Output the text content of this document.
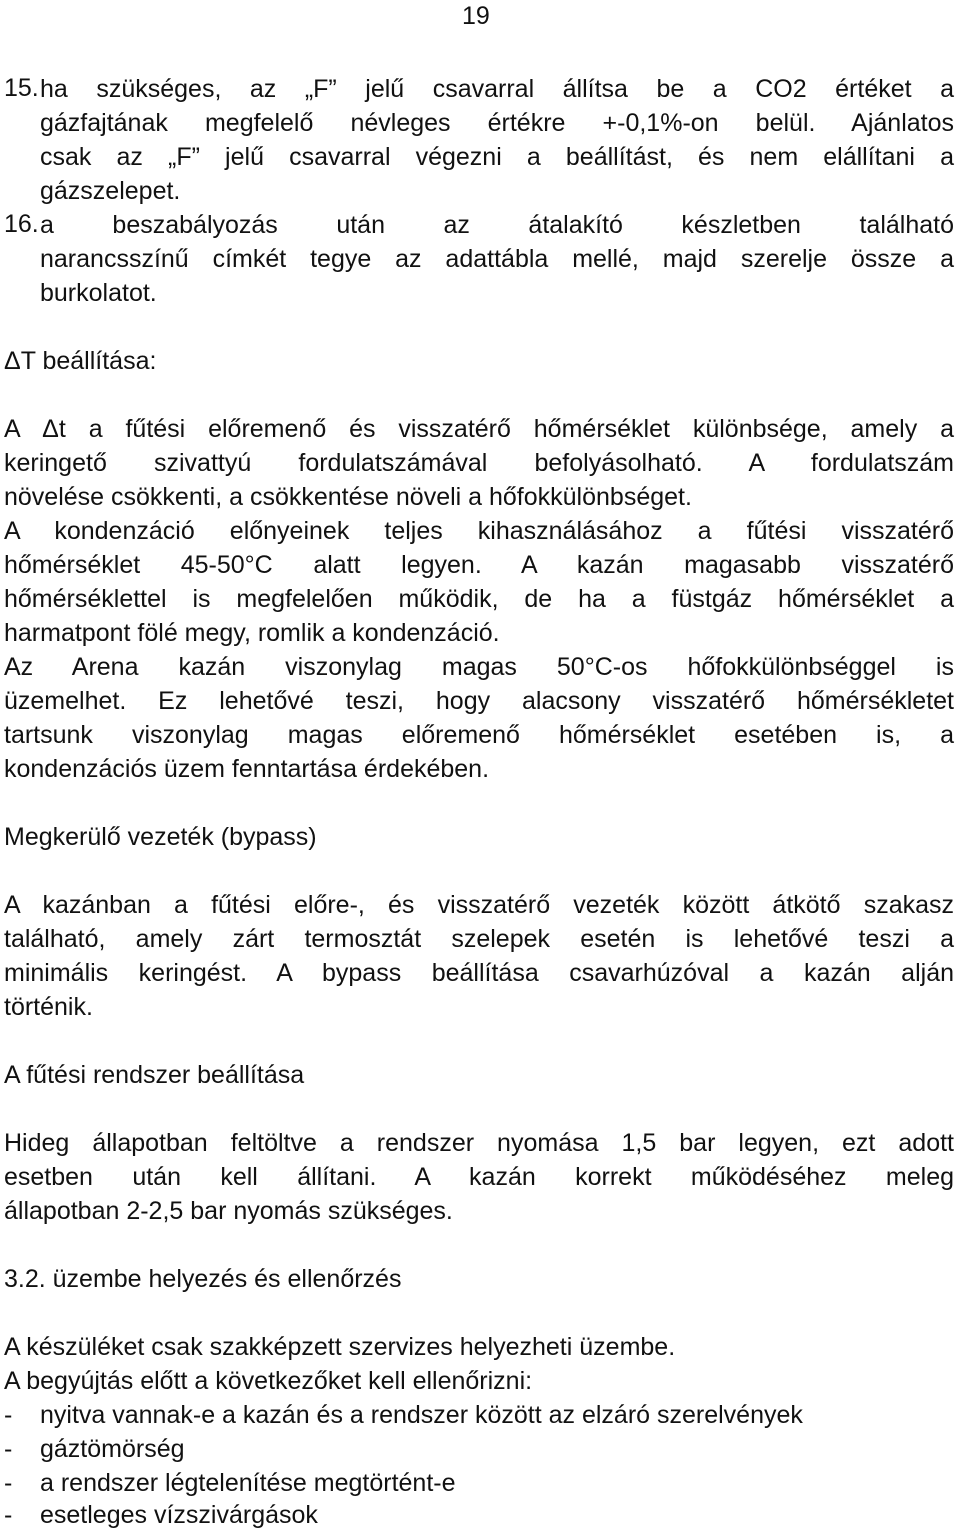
19
15. ha szükséges, az „F” jelű csavarral állítsa be a CO2 értéket a
gázfajtának megfelelő névleges értékre +-0,1%-on belül. Ajánlatos
csak az „F” jelű csavarral végezni a beállítást, és nem elállítani a
gázszelepet.
16. a beszabályozás után az átalakító készletben található
narancsszínű címkét tegye az adattábla mellé, majd szerelje össze a
burkolatot.
ΔT beállítása:
A Δt a fűtési előremenő és visszatérő hőmérséklet különbsége, amely a
keringető szivattyú fordulatszámával befolyásolható. A fordulatszám
növelése csökkenti, a csökkentése növeli a hőfokkülönbséget.
A kondenzáció előnyeinek teljes kihasználásához a fűtési visszatérő
hőmérséklet 45-50°C alatt legyen. A kazán magasabb visszatérő
hőmérséklettel is megfelelően működik, de ha a füstgáz hőmérséklet a
harmatpont fölé megy, romlik a kondenzáció.
Az Arena kazán viszonylag magas 50°C-os hőfokkülönbséggel is
üzemelhet. Ez lehetővé teszi, hogy alacsony visszatérő hőmérsékletet
tartsunk viszonylag magas előremenő hőmérséklet esetében is, a
kondenzációs üzem fenntartása érdekében.
Megkerülő vezeték (bypass)
A kazánban a fűtési előre-, és visszatérő vezeték között átkötő szakasz
található, amely zárt termosztát szelepek esetén is lehetővé teszi a
minimális keringést. A bypass beállítása csavarhúzóval a kazán alján
történik.
A fűtési rendszer beállítása
Hideg állapotban feltöltve a rendszer nyomása 1,5 bar legyen, ezt adott
esetben után kell állítani. A kazán korrekt működéséhez meleg
állapotban 2-2,5 bar nyomás szükséges.
3.2. üzembe helyezés és ellenőrzés
A készüléket csak szakképzett szervizes helyezheti üzembe.
A begyújtás előtt a következőket kell ellenőrizni:
- nyitva vannak-e a kazán és a rendszer között az elzáró szerelvények
- gáztömörség
- a rendszer légtelenítése megtörtént-e
- esetleges vízszivárgások
